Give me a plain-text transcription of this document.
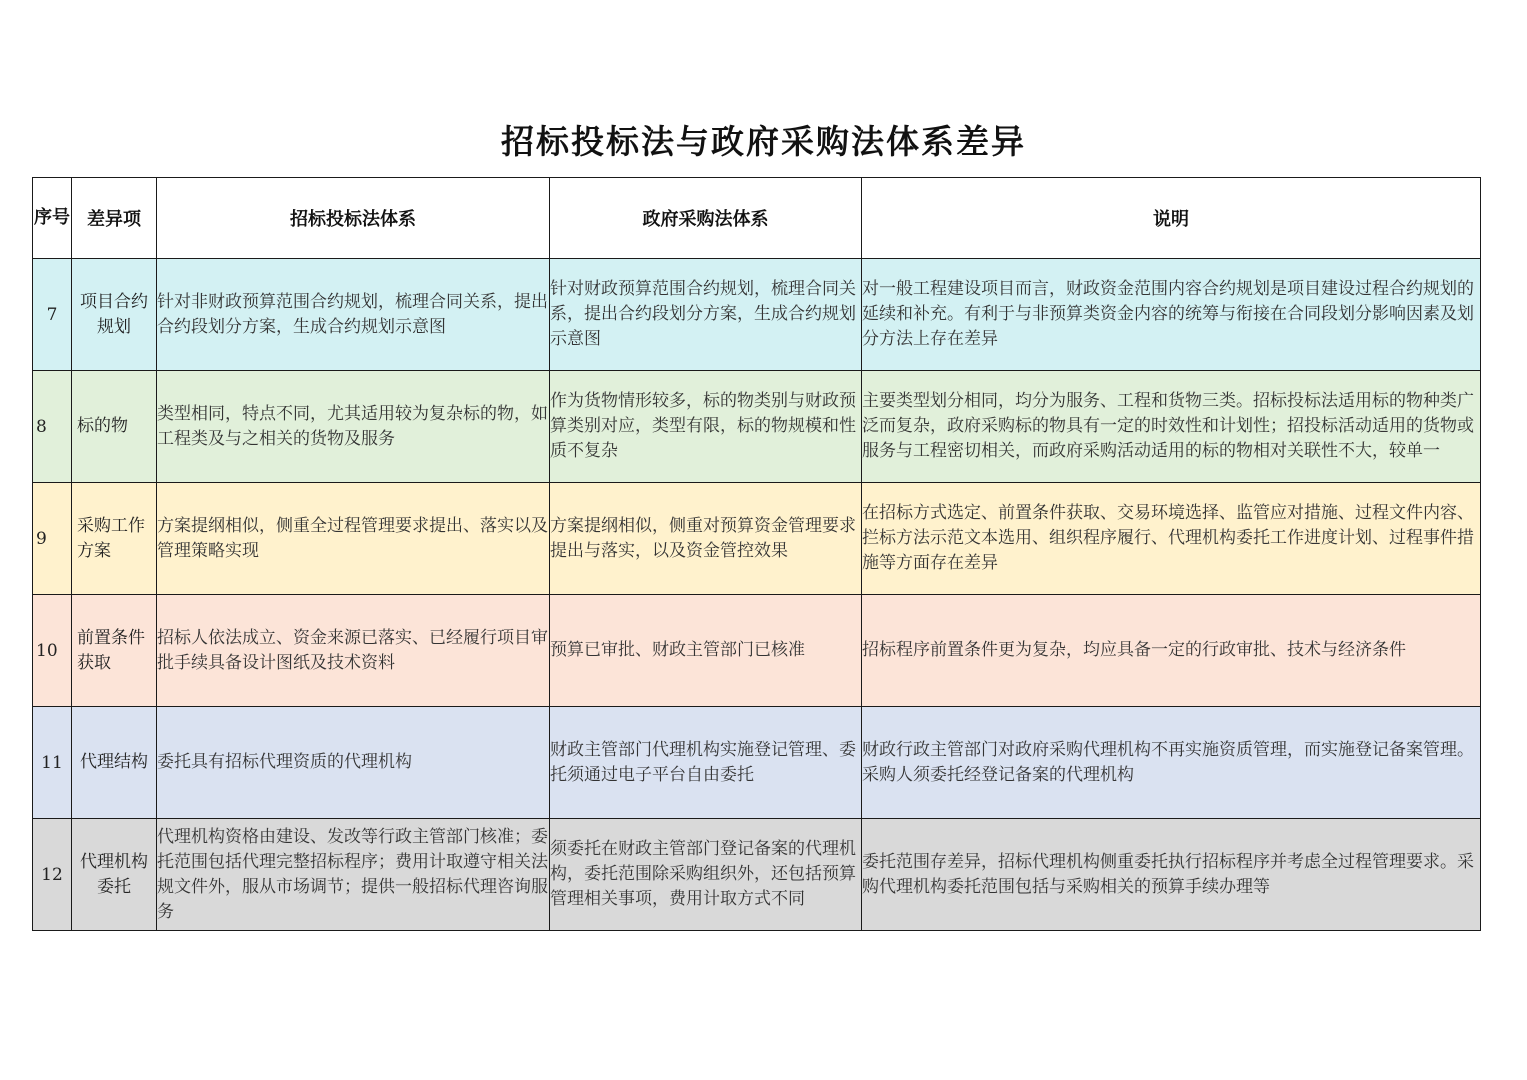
招标投标法与政府采购法体系差异
序号	差异项	招标投标法体系	政府采购法体系	说明
7	项目合约规划	针对非财政预算范围合约规划，梳理合同关系，提出合约段划分方案，生成合约规划示意图	针对财政预算范围合约规划，梳理合同关系，提出合约段划分方案，生成合约规划示意图	对一般工程建设项目而言，财政资金范围内容合约规划是项目建设过程合约规划的延续和补充。有利于与非预算类资金内容的统筹与衔接在合同段划分影响因素及划分方法上存在差异
8	标的物	类型相同，特点不同，尤其适用较为复杂标的物，如工程类及与之相关的货物及服务	作为货物情形较多，标的物类别与财政预算类别对应，类型有限，标的物规模和性质不复杂	主要类型划分相同，均分为服务、工程和货物三类。招标投标法适用标的物种类广泛而复杂，政府采购标的物具有一定的时效性和计划性；招投标活动适用的货物或服务与工程密切相关，而政府采购活动适用的标的物相对关联性不大，较单一
9	采购工作方案	方案提纲相似，侧重全过程管理要求提出、落实以及管理策略实现	方案提纲相似，侧重对预算资金管理要求提出与落实，以及资金管控效果	在招标方式选定、前置条件获取、交易环境选择、监管应对措施、过程文件内容、拦标方法示范文本选用、组织程序履行、代理机构委托工作进度计划、过程事件措施等方面存在差异
10	前置条件获取	招标人依法成立、资金来源已落实、已经履行项目审批手续具备设计图纸及技术资料	预算已审批、财政主管部门已核准	招标程序前置条件更为复杂，均应具备一定的行政审批、技术与经济条件
11	代理结构	委托具有招标代理资质的代理机构	财政主管部门代理机构实施登记管理、委托须通过电子平台自由委托	财政行政主管部门对政府采购代理机构不再实施资质管理，而实施登记备案管理。采购人须委托经登记备案的代理机构
12	代理机构委托	代理机构资格由建设、发改等行政主管部门核准；委托范围包括代理完整招标程序；费用计取遵守相关法规文件外，服从市场调节；提供一般招标代理咨询服务	须委托在财政主管部门登记备案的代理机构，委托范围除采购组织外，还包括预算管理相关事项，费用计取方式不同	委托范围存差异，招标代理机构侧重委托执行招标程序并考虑全过程管理要求。采购代理机构委托范围包括与采购相关的预算手续办理等
